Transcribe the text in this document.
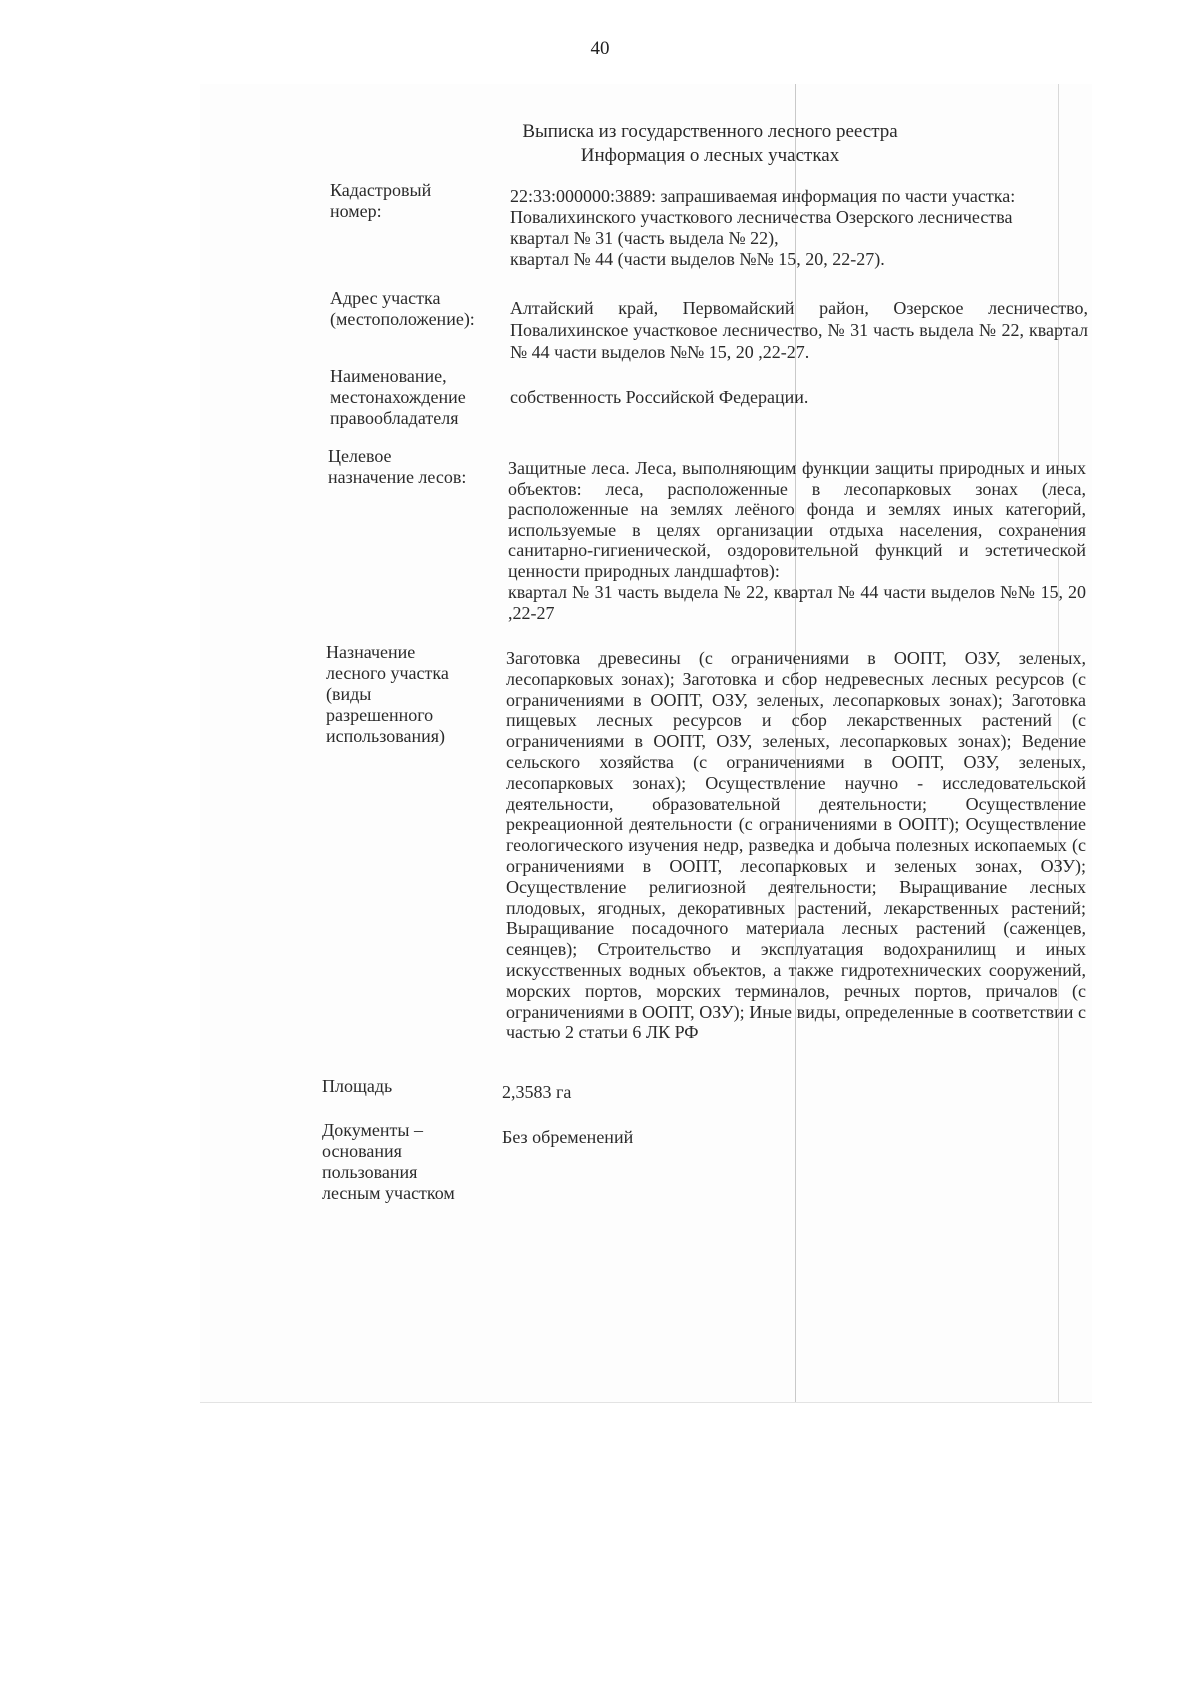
40
Выписка из государственного лесного реестра
Информация о лесных участках
Кадастровый
номер:
22:33:000000:3889: запрашиваемая информация по части участка:
Повалихинского участкового лесничества Озерского лесничества
квартал № 31 (часть выдела № 22),
квартал № 44 (части выделов №№ 15, 20, 22-27).
Адрес участка
(местоположение):
Алтайский край, Первомайский район, Озерское лесничество, Повалихинское участковое лесничество, № 31 часть выдела № 22, квартал № 44 части выделов №№ 15, 20 ,22-27.
Наименование,
местонахождение
правообладателя
собственность Российской Федерации.
Целевое
назначение лесов:	Защитные леса. Леса, выполняющим функции защиты природных и иных объектов: леса, расположенные в лесопарковых зонах (леса, расположенные на землях леёного фонда и землях иных категорий, используемые в целях организации отдыха населения, сохранения санитарно-гигиенической, оздоровительной функций и эстетической ценности природных ландшафтов):
квартал № 31 часть выдела № 22, квартал № 44 части выделов №№ 15, 20 ,22-27
Назначение
лесного участка
(виды
разрешенного
использования)
Заготовка древесины (с ограничениями в ООПТ, ОЗУ, зеленых, лесопарковых зонах); Заготовка и сбор недревесных лесных ресурсов (с ограничениями в ООПТ, ОЗУ, зеленых, лесопарковых зонах); Заготовка пищевых лесных ресурсов и сбор лекарственных растений (с ограничениями в ООПТ, ОЗУ, зеленых, лесопарковых зонах); Ведение сельского хозяйства (с ограничениями в ООПТ, ОЗУ, зеленых, лесопарковых зонах); Осуществление научно - исследовательской деятельности, образовательной деятельности; Осуществление рекреационной деятельности (с ограничениями в ООПТ); Осуществление геологического изучения недр, разведка и добыча полезных ископаемых (с ограничениями в ООПТ, лесопарковых и зеленых зонах, ОЗУ); Осуществление религиозной деятельности; Выращивание лесных плодовых, ягодных, декоративных растений, лекарственных растений; Выращивание посадочного материала лесных растений (саженцев, сеянцев); Строительство и эксплуатация водохранилищ и иных искусственных водных объектов, а также гидротехнических сооружений, морских портов, морских терминалов, речных портов, причалов (с ограничениями в ООПТ, ОЗУ); Иные виды, определенные в соответствии с частью 2 статьи 6 ЛК РФ
Площадь	2,3583 га
Документы –
основания
пользования
лесным участком
Без обременений
